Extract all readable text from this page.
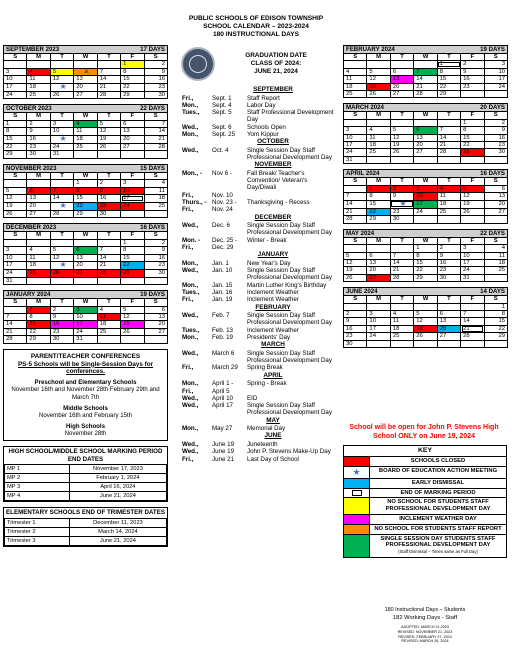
PUBLIC SCHOOLS OF EDISON TOWNSHIP
SCHOOL CALENDAR – 2023-2024
180 INSTRUCTIONAL DAYS
SEPTEMBER 2023	17 DAYS
S	M	T	W	T	F	S
					1	2
3	4	5	♟	7	8	9
10	11	12	13	14	15	16
17	18	★	20	21	22	23
24	25	26	27	28	29	30
OCTOBER 2023	22 DAYS
S	M	T	W	T	F	S
1	2	3	4	5	6	7
8	9	10	11	12	13	14
15	16	★	18	19	20	21
22	23	24	25	26	27	28
29	30	31				
NOVEMBER 2023	15 DAYS
S	M	T	W	T	F	S
			1	2	3	4
5	6	7	8	9	10	11
12	13	14	15	16	17	18
19	20	★	22	23	24	25
26	27	28	29	30		
DECEMBER 2023	16 DAYS
S	M	T	W	T	F	S
					1	2
3	4	5	6	7	8	9
10	11	12	13	14	15	16
17	18	★	20	21	22	23
24	25	26	27	28	29	30
31						
JANUARY 2024	19 DAYS
S	M	T	W	T	F	S
	1	2	3	4	5	6
7	8	9	10	11	12	13
14	15	16	17	18	19	20
21	22	23	24	25	26	27
28	29	30	31			
PARENT/TEACHER CONFERENCES
PS-5 Schools will be Single-Session Days for conferences.
Preschool and Elementary Schools
November 16th and November 28th February 29th and March 7th
Middle Schools
November 16th and February 15th
High Schools
November 28th
HIGH SCHOOL/MIDDLE SCHOOL MARKING PERIOD END DATES
MP 1	November 17, 2023
MP 2	February 1, 2024
MP 3	April 16, 2024
MP 4	June 21, 2024
ELEMENTARY SCHOOLS END OF TRIMESTER DATES
Trimester 1	December 11, 2023
Trimester 2	March 14, 2024
Trimester 3	June 21, 2024
GRADUATION DATE
CLASS OF 2024:
JUNE 21, 2024
SEPTEMBER
Fri.,	Sept. 1	Staff Report
Mon.,	Sept. 4	Labor Day
Tues.,	Sept. 5	Staff Professional Development Day
Wed.,	Sept. 6	Schools Open
Mon.,	Sept. 25	Yom Kippur
OCTOBER
Wed.,	Oct. 4	Single Session Day Staff Professional Development Day
NOVEMBER
Mon., -	Nov 6 -	Fall Break/ Teacher's Convention/ Veteran's Day/Diwali
Fri.,	Nov. 10
Thurs., - Nov. 23 -	Thanksgiving - Recess
Fri.,	Nov. 24
DECEMBER
Wed.,	Dec. 6	Single Session Day Staff Professional Development Day
Mon. -	Dec. 25 -	Winter - Break
Fri.,	Dec. 29
JANUARY
Mon.,	Jan. 1	New Year's Day
Wed.,	Jan. 10	Single Session Day Staff Professional Development Day
Mon.,	Jan. 15	Martin Luther King's Birthday
Tues.,	Jan. 16	Inclement Weather
Fri.,	Jan. 19	Inclement Weather
FEBRUARY
Wed.,	Feb. 7	Single Session Day Staff Professional Development Day
Tues.,	Feb. 13	Inclement Weather
Mon.,	Feb. 19	Presidents' Day
MARCH
Wed.,	March 6	Single Session Day Staff Professional Development Day
Fri.,	March 29	Spring Break
APRIL
Mon.,	April 1 -	Spring - Break
Fri.,	April 5
Wed.,	April 10	EID
Wed.,	April 17	Single Session Day Staff Professional Development Day
MAY
Mon.,	May 27	Memorial Day
JUNE
Wed.,	June 19	Juneteenth
Wed.,	June 19	John P. Stevens Make-Up Day
Fri.,	June 21	Last Day of School
FEBRUARY 2024	19 DAYS
S	M	T	W	T	F	S
				1	2	3
4	5	6	7	8	9	10
11	12	13	14	15	16	17
18	19	20	21	22	23	24
25	26	27	28	29		
MARCH 2024	20 DAYS
S	M	T	W	T	F	S
					1	2
3	4	5	6	7	8	9
10	11	12	13	14	15	16
17	18	19	20	21	22	23
24	25	26	27	28	29	30
31						
APRIL 2024	16 DAYS
S	M	T	W	T	F	S
	1	2	3	4	5	6
7	8	9	10	11	12	13
14	15	★	17	18	19	20
21	22	23	24	25	26	27
28	29	30				
MAY 2024	22 DAYS
S	M	T	W	T	F	S
			1	2	3	4
5	6	7	8	9	10	11
12	13	14	15	16	17	18
19	20	21	22	23	24	25
26	27	28	29	30	31	
JUNE 2024	14 DAYS
S	M	T	W	T	F	S
						1
2	3	4	5	6	7	8
9	10	11	12	13	14	15
16	17	18	19	20	21	22
23	24	25	26	27	28	29
30						
School will be open for John P. Stevens High School ONLY on June 19, 2024
KEY
SCHOOLS CLOSED
★	BOARD OF EDUCATION ACTION MEETING
EARLY DISMISSAL
END OF MARKING PERIOD
NO SCHOOL FOR STUDENTS STAFF PROFESSIONAL DEVELOPMENT DAY
INCLEMENT WEATHER DAY
NO SCHOOL FOR STUDENTS STAFF REPORT
SINGLE SESSION DAY STUDENTS STAFF PROFESSIONAL DEVELOPMENT DAY
(Staff Dismissal – Times same as Full Day)
180 Instructional Days – Students
182 Working Days - Staff
ADOPTED: MARCH 21,2023
REVISED: NOVEMBER 21, 2023
REVISED: FEBRUARY 27, 2024
REVISED: MARCH 26, 2024
